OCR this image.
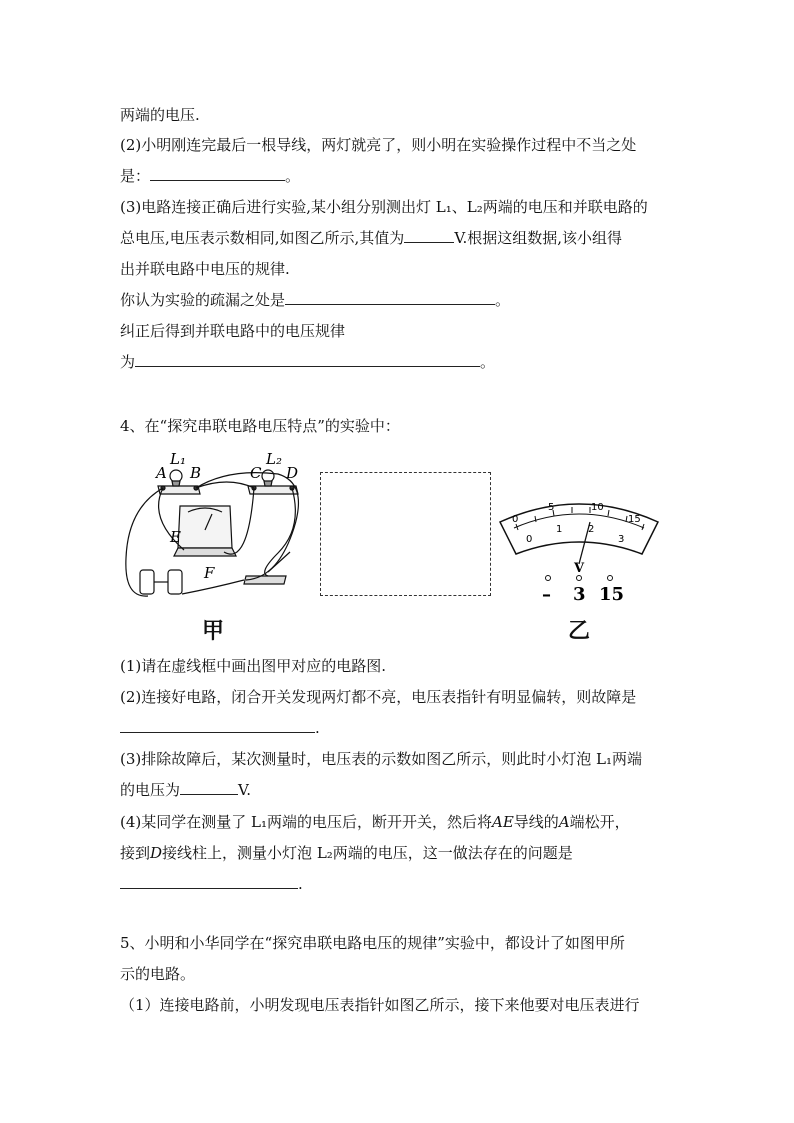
两端的电压.
(2)小明刚连完最后一根导线，两灯就亮了，则小明在实验操作过程中不当之处
是：	。
(3)电路连接正确后进行实验,某小组分别测出灯 L₁、L₂两端的电压和并联电路的
总电压,电压表示数相同,如图乙所示,其值为	V.根据这组数据,该小组得
出并联电路中电压的规律.
你认为实验的疏漏之处是	。
纠正后得到并联电路中的电压规律
为	。
4、在“探究串联电路电压特点”的实验中：
L₁
A B
L₂
C D
E
F
0
5	10
15
0
1	2
3
V
– 3 15
甲	乙
(1)请在虚线框中画出图甲对应的电路图.
(2)连接好电路，闭合开关发现两灯都不亮，电压表指针有明显偏转，则故障是
.
(3)排除故障后，某次测量时，电压表的示数如图乙所示，则此时小灯泡 L₁两端
的电压为	V.
(4)某同学在测量了 L₁两端的电压后，断开开关，然后将AE导线的A端松开，
接到D接线柱上，测量小灯泡 L₂两端的电压，这一做法存在的问题是
.
5、小明和小华同学在“探究串联电路电压的规律”实验中，都设计了如图甲所
示的电路。
（1）连接电路前，小明发现电压表指针如图乙所示，接下来他要对电压表进行
